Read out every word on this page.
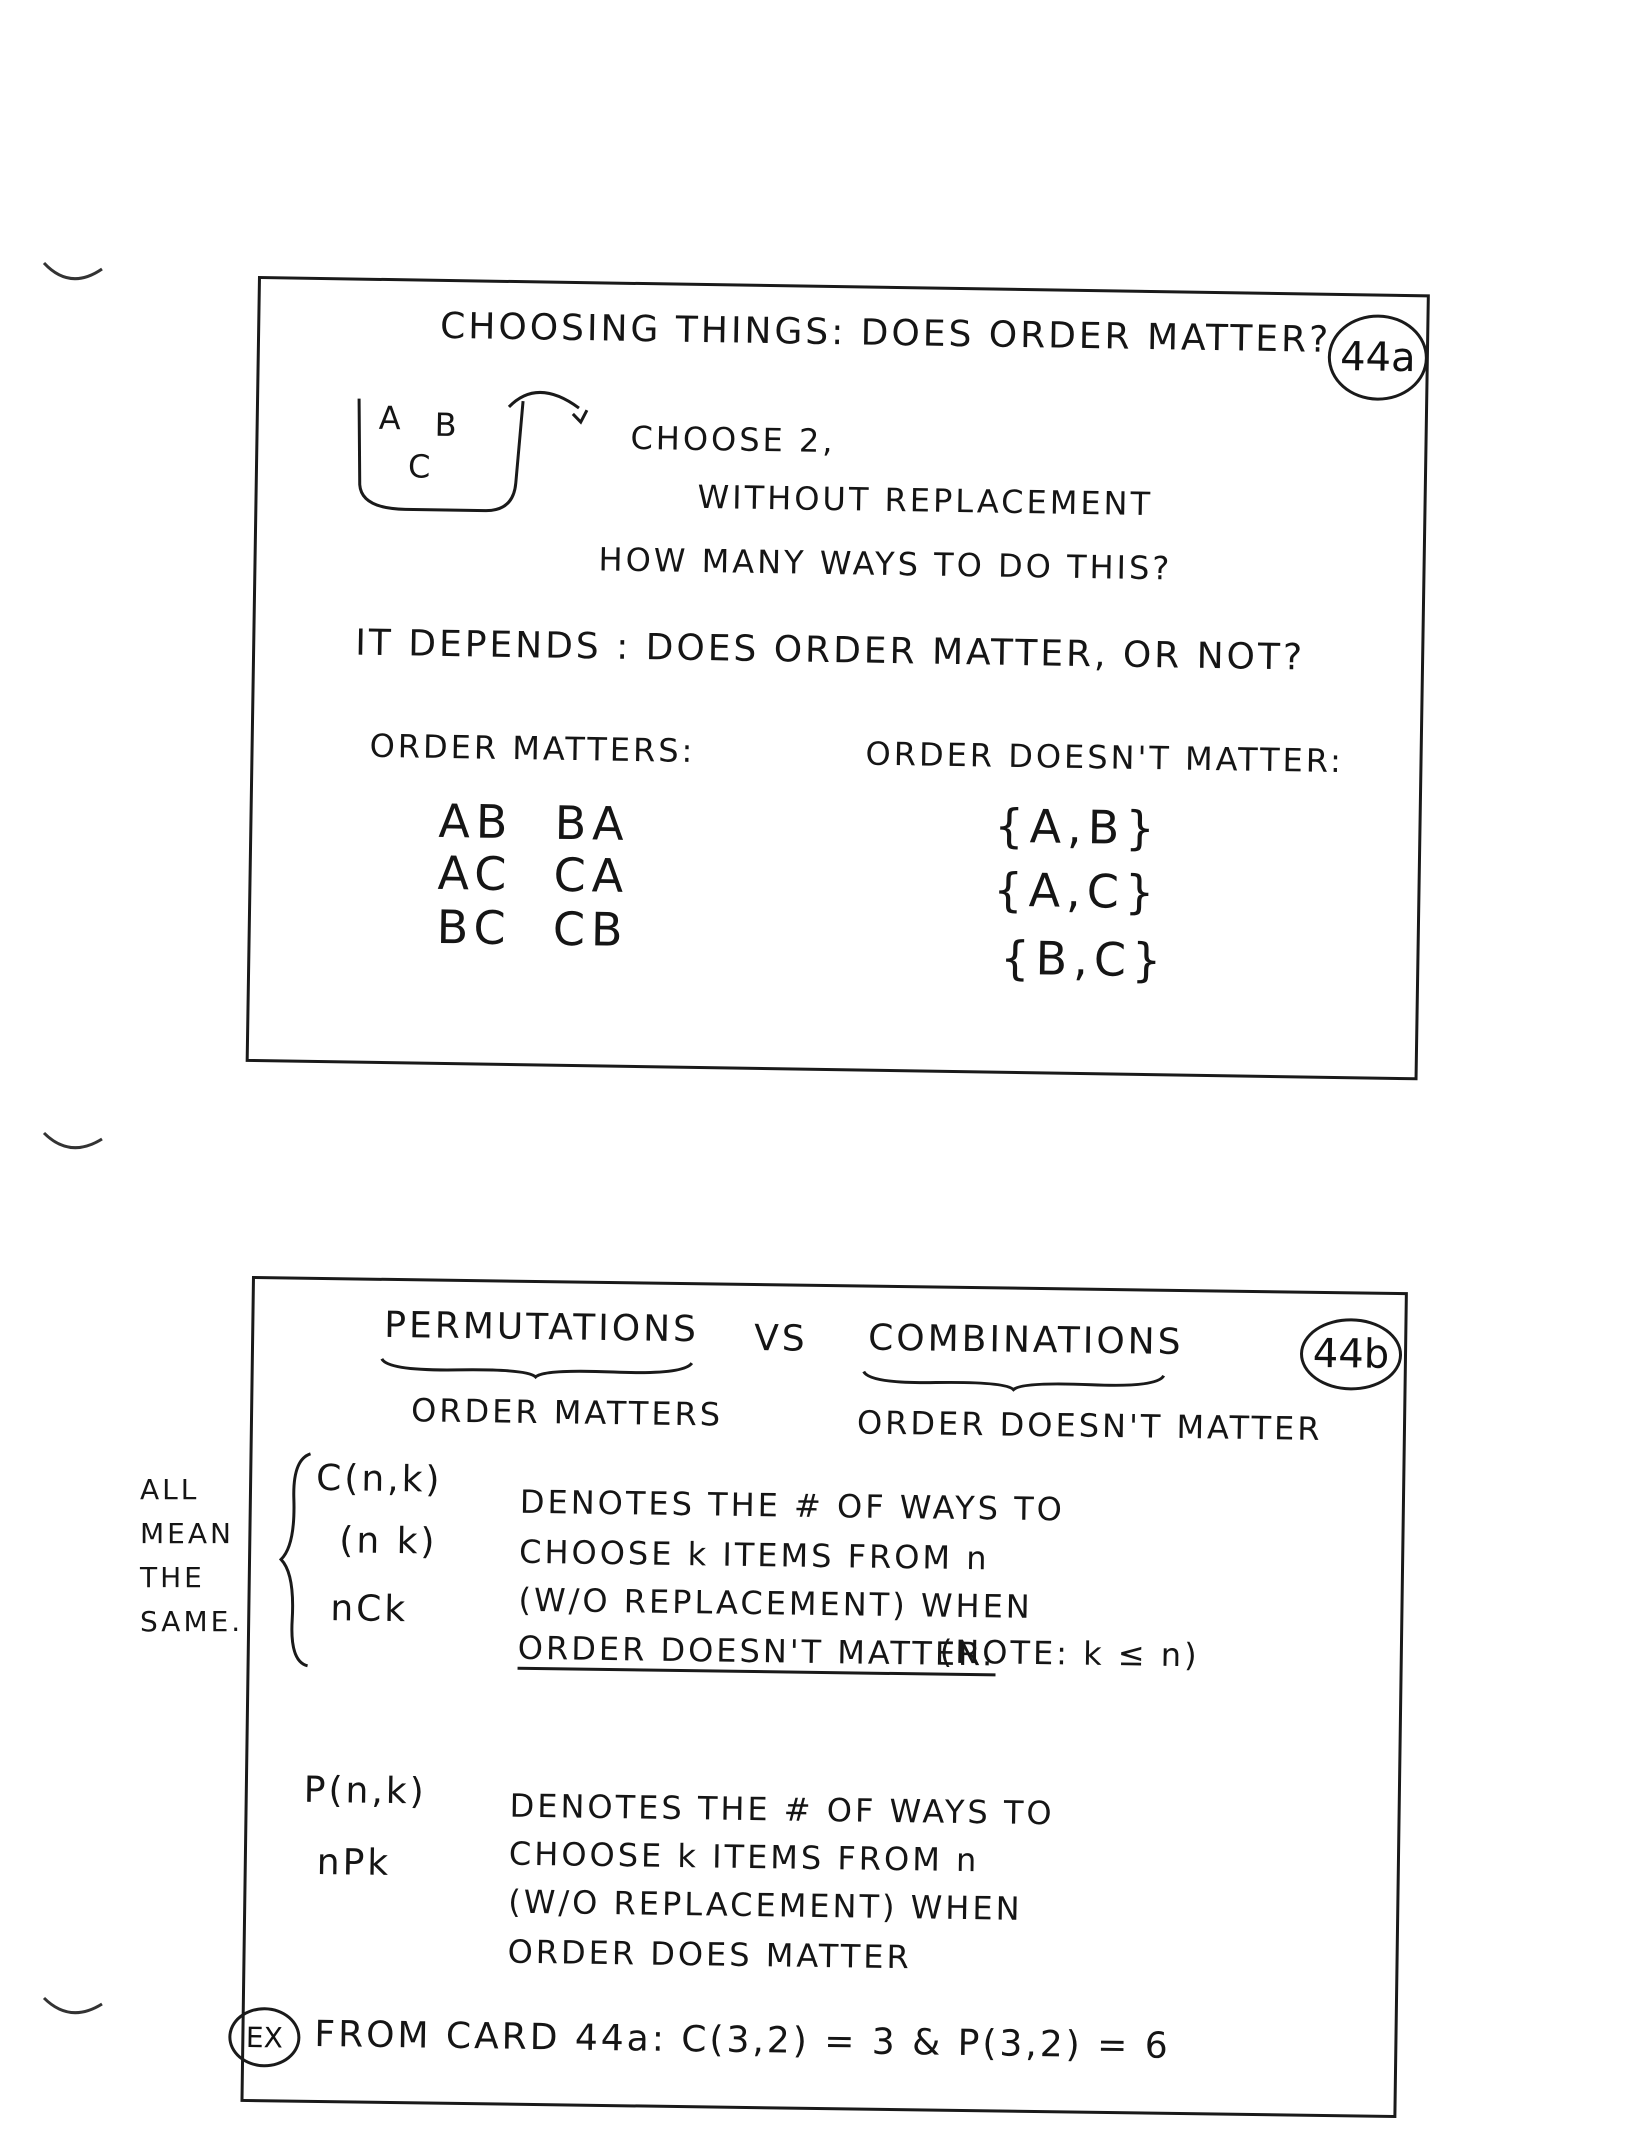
CHOOSING THINGS: DOES ORDER MATTER? 44a
A B
C
CHOOSE 2,
WITHOUT REPLACEMENT
HOW MANY WAYS TO DO THIS?
IT DEPENDS : DOES ORDER MATTER, OR NOT?
ORDER MATTERS:	ORDER DOESN'T MATTER:
AB  BA
AC  CA
BC  CB
{A,B}
{A,C}
{B,C}
PERMUTATIONS
ORDER MATTERS
VS COMBINATIONS
ORDER DOESN'T MATTER
44b
C(n,k)
(n k)
nCk
DENOTES THE # OF WAYS TO
CHOOSE k ITEMS FROM n
(W/O REPLACEMENT) WHEN
ORDER DOESN'T MATTER.
(NOTE: k ≤ n)
P(n,k)
nPk
DENOTES THE # OF WAYS TO
CHOOSE k ITEMS FROM n
(W/O REPLACEMENT) WHEN
ORDER DOES MATTER
EX FROM CARD 44a: C(3,2) = 3 & P(3,2) = 6
ALL
MEAN
THE
SAME.
